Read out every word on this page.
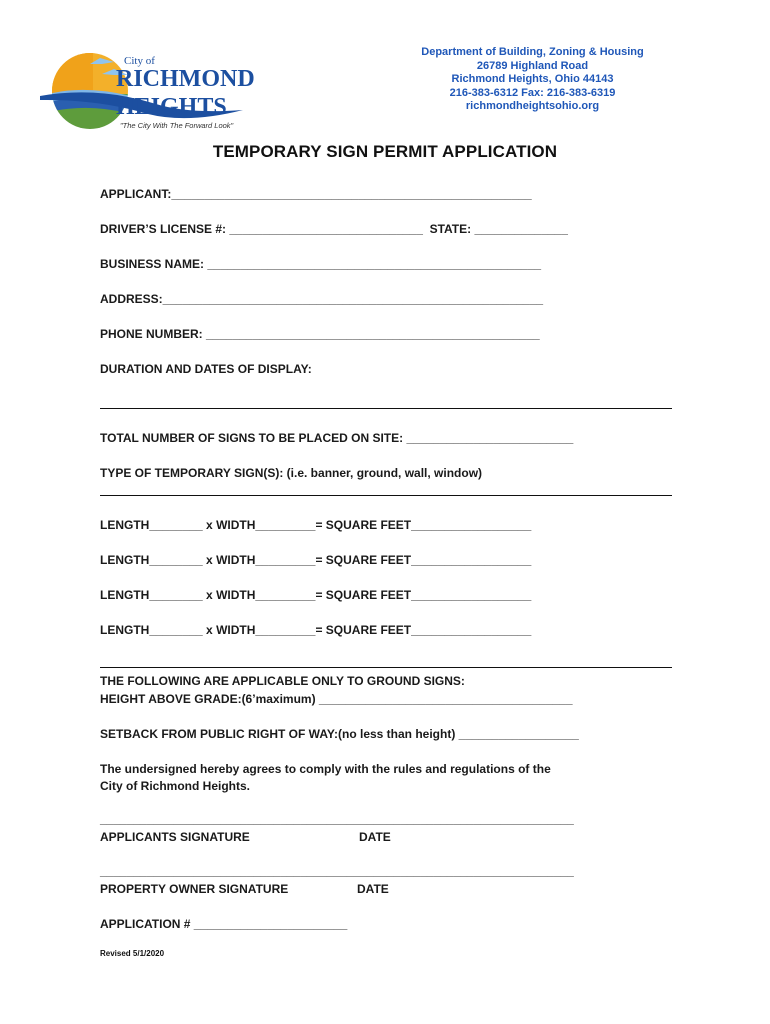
City of
RICHMOND
HEIGHTS
"The City With The Forward Look"
Department of Building, Zoning & Housing
26789 Highland Road
Richmond Heights, Ohio 44143
216-383-6312 Fax: 216-383-6319
richmondheightsohio.org
TEMPORARY SIGN PERMIT APPLICATION
APPLICANT:______________________________________________________
DRIVER’S LICENSE #: _____________________________  STATE: ______________
BUSINESS NAME: __________________________________________________
ADDRESS:_________________________________________________________
PHONE NUMBER: __________________________________________________
DURATION AND DATES OF DISPLAY:
TOTAL NUMBER OF SIGNS TO BE PLACED ON SITE: _________________________
TYPE OF TEMPORARY SIGN(S): (i.e. banner, ground, wall, window)
LENGTH________ x WIDTH_________= SQUARE FEET__________________
LENGTH________ x WIDTH_________= SQUARE FEET__________________
LENGTH________ x WIDTH_________= SQUARE FEET__________________
LENGTH________ x WIDTH_________= SQUARE FEET__________________
THE FOLLOWING ARE APPLICABLE ONLY TO GROUND SIGNS:
HEIGHT ABOVE GRADE:(6’maximum) ______________________________________
SETBACK FROM PUBLIC RIGHT OF WAY:(no less than height) __________________
The undersigned hereby agrees to comply with the rules and regulations of the
City of Richmond Heights.
_______________________________________________________________________
APPLICANTS SIGNATURE	DATE
_______________________________________________________________________
PROPERTY OWNER SIGNATURE	DATE
APPLICATION # _______________________
Revised 5/1/2020
